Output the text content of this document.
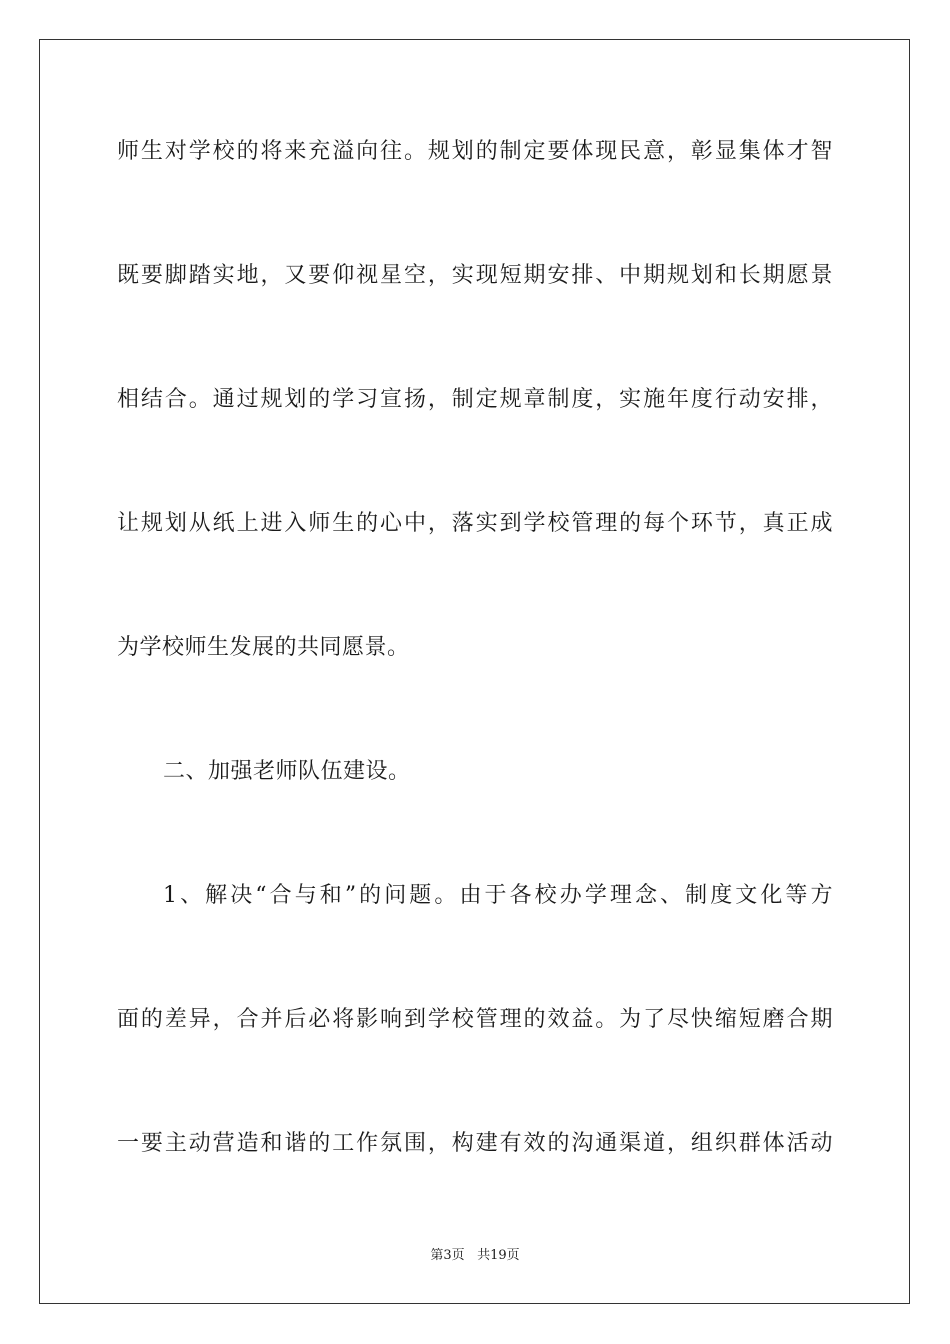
师生对学校的将来充溢向往。规划的制定要体现民意，彰显集体才智
既要脚踏实地，又要仰视星空，实现短期安排、中期规划和长期愿景
相结合。通过规划的学习宣扬，制定规章制度，实施年度行动安排，
让规划从纸上进入师生的心中，落实到学校管理的每个环节，真正成
为学校师生发展的共同愿景。
二、加强老师队伍建设。
1、解决“合与和”的问题。由于各校办学理念、制度文化等方
面的差异，合并后必将影响到学校管理的效益。为了尽快缩短磨合期
一要主动营造和谐的工作氛围，构建有效的沟通渠道，组织群体活动
第3页 共19页
